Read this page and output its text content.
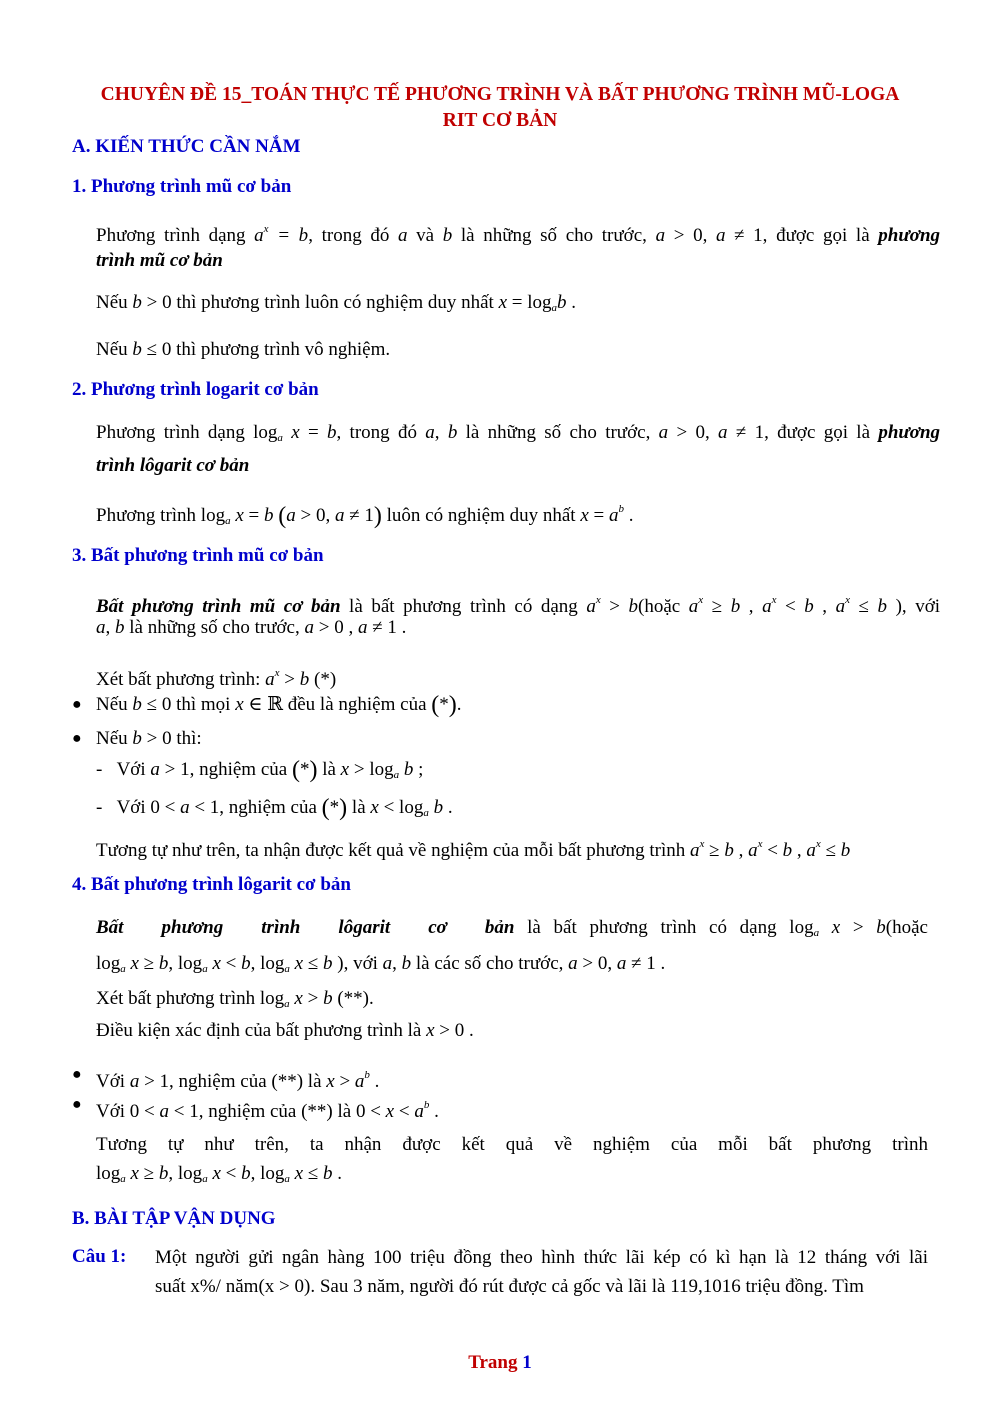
CHUYÊN ĐỀ 15_TOÁN THỰC TẾ PHƯƠNG TRÌNH VÀ BẤT PHƯƠNG TRÌNH MŨ-LOGA
RIT CƠ BẢN
A. KIẾN THỨC CẦN NẮM
1. Phương trình mũ cơ bản
Phương trình dạng $a^x = b$, trong đó a và b là những số cho trước, a > 0, a ≠ 1, được gọi là phương
trình mũ cơ bản
Nếu b > 0 thì phương trình luôn có nghiệm duy nhất $x = \log_ab$ .
Nếu b ≤ 0 thì phương trình vô nghiệm.
2. Phương trình logarit cơ bản
Phương trình dạng $\log_a x = b$, trong đó a, b là những số cho trước, a > 0, a ≠ 1, được gọi là phương
trình lôgarit cơ bản
Phương trình $\log_a x = b$ (a > 0, a ≠ 1) luôn có nghiệm duy nhất $x = a^b$ .
3. Bất phương trình mũ cơ bản
Bất phương trình mũ cơ bản là bất phương trình có dạng $a^x$ > b(hoặc $a^x \ge b$ , $a^x < b$ , $a^x \le b$ ), với
a, b là những số cho trước, a > 0 , a ≠ 1 .
Xét bất phương trình: $a^x > b$ (*)
● Nếu b ≤ 0 thì mọi x ∈ ℝ đều là nghiệm của (*).
● Nếu b > 0 thì:
-   Với a > 1, nghiệm của (*) là $x > \log_a b$ ;
-   Với 0 < a < 1, nghiệm của (*) là $x < \log_a b$ .
Tương tự như trên, ta nhận được kết quả về nghiệm của mỗi bất phương trình $a^x \ge b$ , $a^x < b$ , $a^x \le b$
4. Bất phương trình lôgarit cơ bản
Bất   phương   trình   lôgarit   cơ   bản là bất phương trình có dạng $\log_a x$ > b(hoặc
$\log_a x \ge b$, $\log_a x < b$, $\log_a x \le b$ ), với a, b là các số cho trước, a > 0, a ≠ 1 .
Xét bất phương trình $\log_a x > b$ (**).
Điều kiện xác định của bất phương trình là x > 0 .
● Với a > 1, nghiệm của (**) là $x > a^b$ .
● Với 0 < a < 1, nghiệm của (**) là $0 < x < a^b$ .
Tương tự như trên, ta nhận được kết quả về nghiệm của mỗi bất phương trình
$\log_a x \ge b$, $\log_a x < b$, $\log_a x \le b$ .
B. BÀI TẬP VẬN DỤNG
Câu 1: Một người gửi ngân hàng 100 triệu đồng theo hình thức lãi kép có kì hạn là 12 tháng với lãi
suất x%/ năm(x > 0). Sau 3 năm, người đó rút được cả gốc và lãi là 119,1016 triệu đồng. Tìm
Trang 1
